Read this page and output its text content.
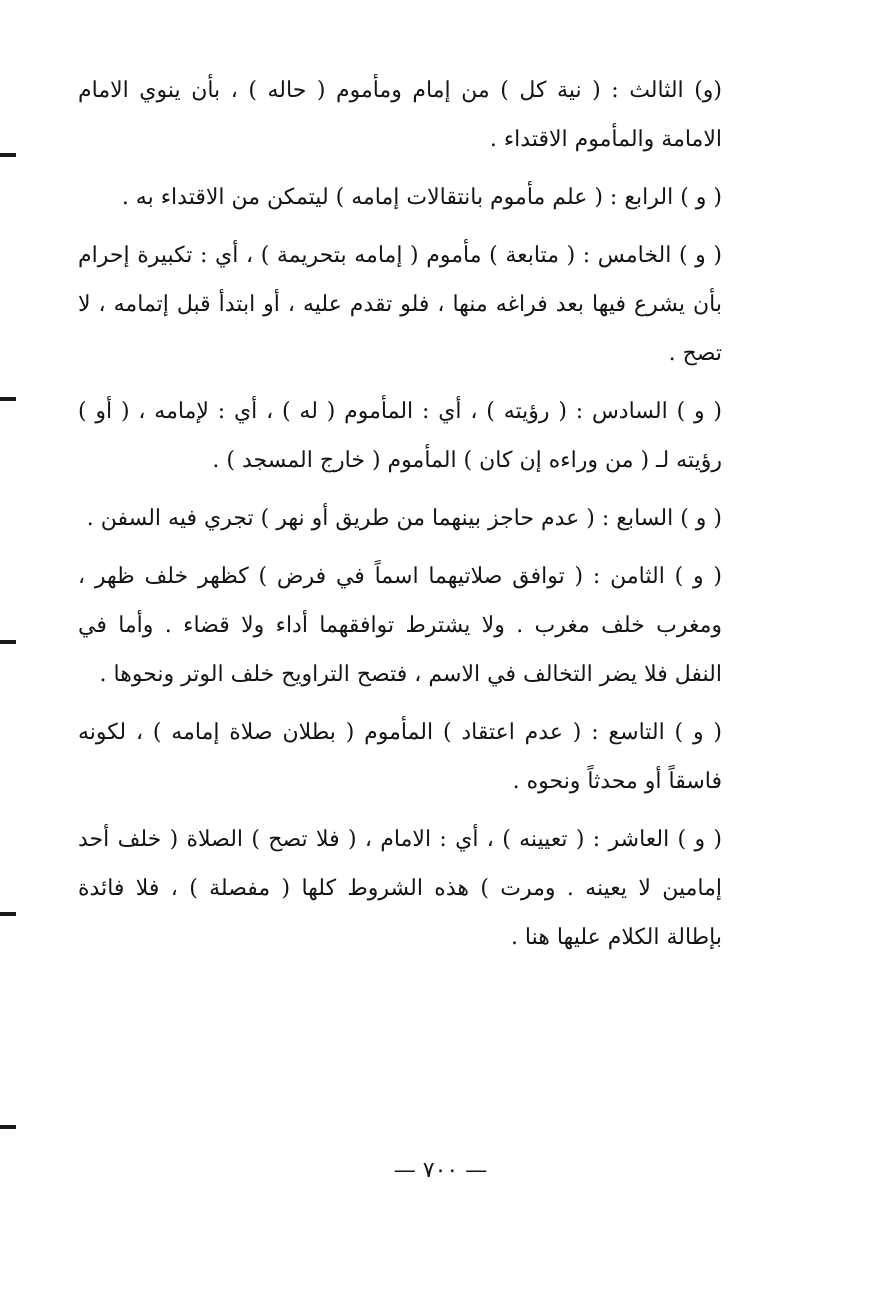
(و) الثالث : ( نية كل ) من إمام ومأموم ( حاله ) ، بأن ينوي الامام الامامة والمأموم الاقتداء .

( و ) الرابع : ( علم مأموم بانتقالات إمامه ) ليتمكن من الاقتداء به .

( و ) الخامس : ( متابعة ) مأموم ( إمامه بتحريمة ) ، أي : تكبيرة إحرام بأن يشرع فيها بعد فراغه منها ، فلو تقدم عليه ، أو ابتدأ قبل إتمامه ، لا تصح .

( و ) السادس : ( رؤيته ) ، أي : المأموم ( له ) ، أي : لإمامه ، ( أو ) رؤيته لـ ( من وراءه إن كان ) المأموم ( خارج المسجد ) .

( و ) السابع : ( عدم حاجز بينهما من طريق أو نهر ) تجري فيه السفن .

( و ) الثامن : ( توافق صلاتيهما اسماً في فرض ) كظهر خلف ظهر ، ومغرب خلف مغرب . ولا يشترط توافقهما أداء ولا قضاء . وأما في النفل فلا يضر التخالف في الاسم ، فتصح التراويح خلف الوتر ونحوها .

( و ) التاسع : ( عدم اعتقاد ) المأموم ( بطلان صلاة إمامه ) ، لكونه فاسقاً أو محدثاً ونحوه .

( و ) العاشر : ( تعيينه ) ، أي : الامام ، ( فلا تصح ) الصلاة ( خلف أحد إمامين لا يعينه . ومرت ) هذه الشروط كلها ( مفصلة ) ، فلا فائدة بإطالة الكلام عليها هنا .

— ٧٠٠ —
